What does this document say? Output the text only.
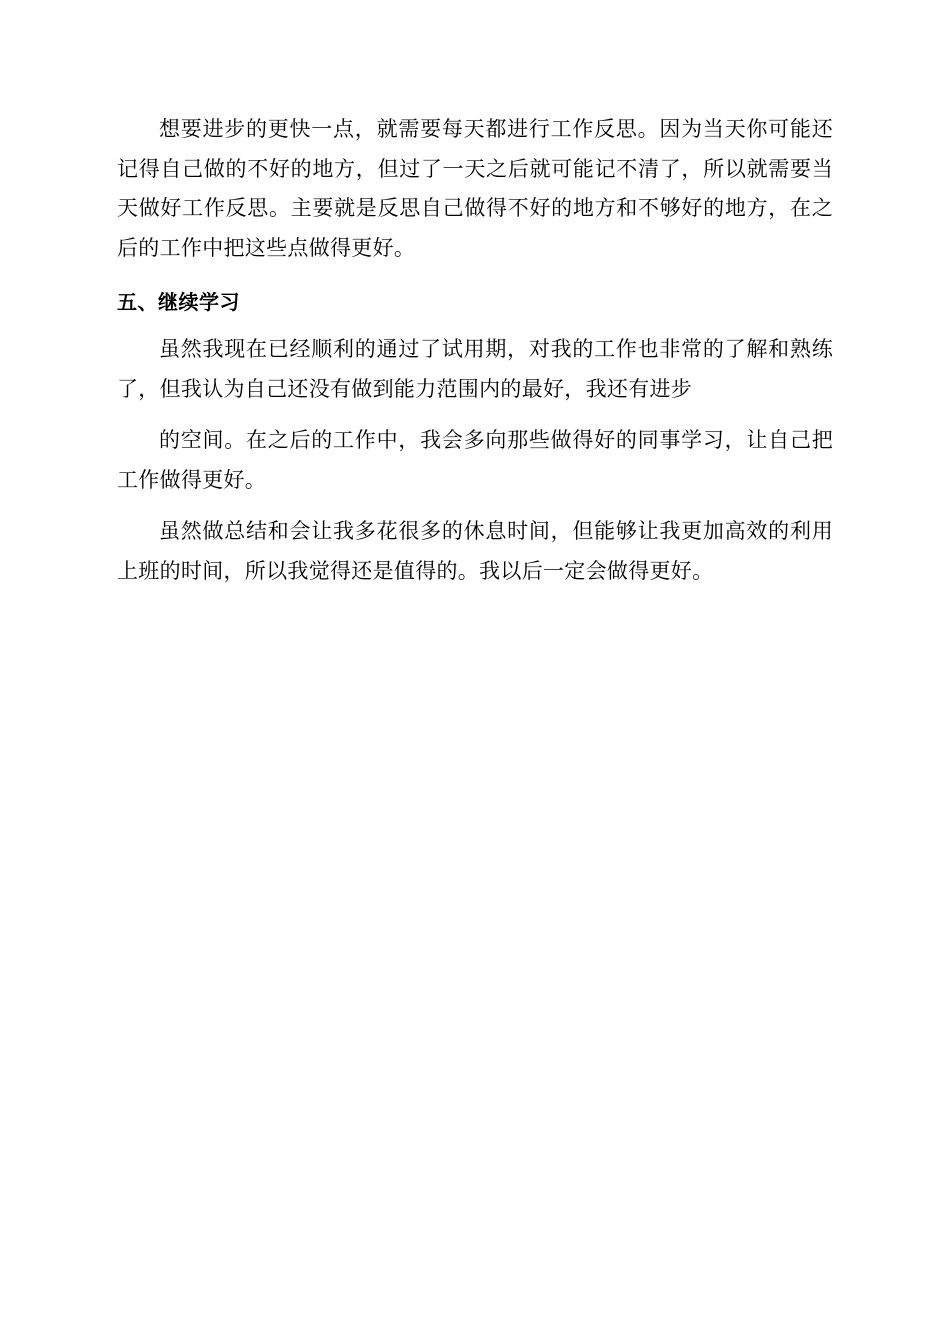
想要进步的更快一点，就需要每天都进行工作反思。因为当天你可能还记得自己做的不好的地方，但过了一天之后就可能记不清了，所以就需要当天做好工作反思。主要就是反思自己做得不好的地方和不够好的地方，在之后的工作中把这些点做得更好。

五、继续学习

虽然我现在已经顺利的通过了试用期，对我的工作也非常的了解和熟练了，但我认为自己还没有做到能力范围内的最好，我还有进步

的空间。在之后的工作中，我会多向那些做得好的同事学习，让自己把工作做得更好。

虽然做总结和会让我多花很多的休息时间，但能够让我更加高效的利用上班的时间，所以我觉得还是值得的。我以后一定会做得更好。
